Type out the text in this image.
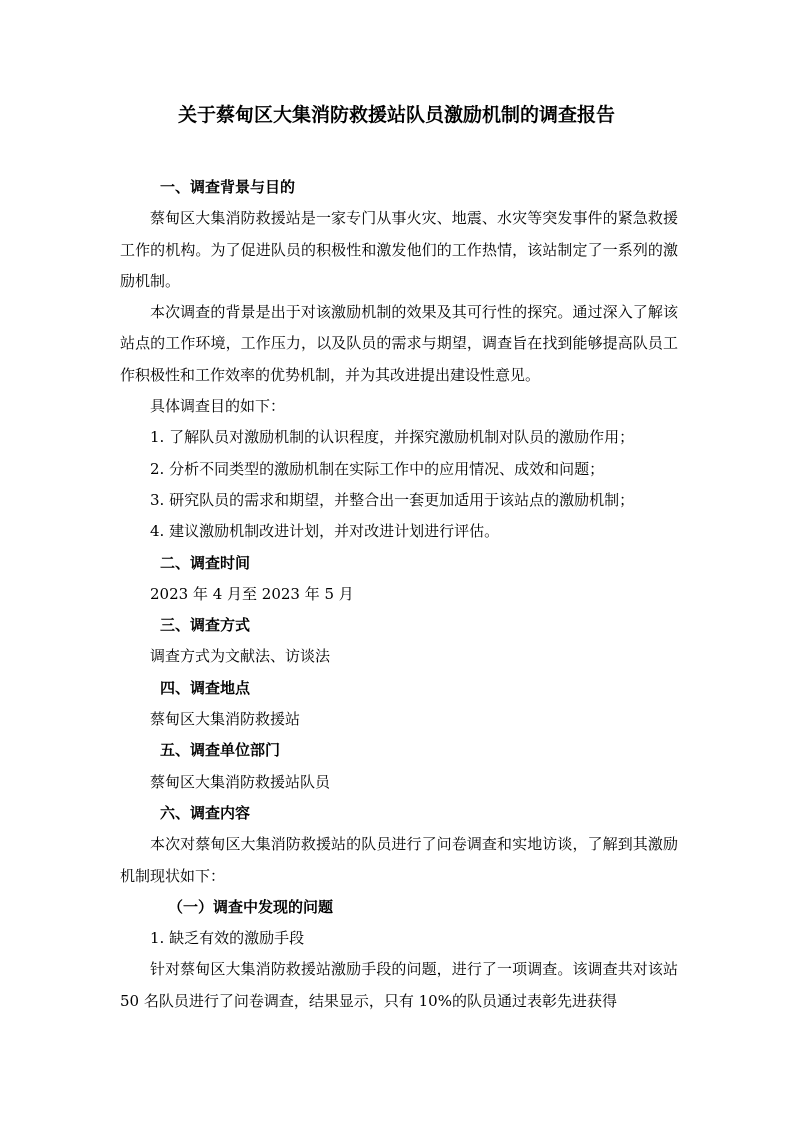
关于蔡甸区大集消防救援站队员激励机制的调查报告
一、调查背景与目的

蔡甸区大集消防救援站是一家专门从事火灾、地震、水灾等突发事件的紧急救援工作的机构。为了促进队员的积极性和激发他们的工作热情，该站制定了一系列的激励机制。

本次调查的背景是出于对该激励机制的效果及其可行性的探究。通过深入了解该站点的工作环境，工作压力，以及队员的需求与期望，调查旨在找到能够提高队员工作积极性和工作效率的优势机制，并为其改进提出建设性意见。

具体调查目的如下：

1. 了解队员对激励机制的认识程度，并探究激励机制对队员的激励作用；

2. 分析不同类型的激励机制在实际工作中的应用情况、成效和问题；

3. 研究队员的需求和期望，并整合出一套更加适用于该站点的激励机制；

4. 建议激励机制改进计划，并对改进计划进行评估。

二、调查时间

2023 年 4 月至 2023 年 5 月

三、调查方式

调查方式为文献法、访谈法

四、调查地点

蔡甸区大集消防救援站

五、调查单位部门

蔡甸区大集消防救援站队员

六、调查内容

本次对蔡甸区大集消防救援站的队员进行了问卷调查和实地访谈，了解到其激励机制现状如下：

（一）调查中发现的问题

1. 缺乏有效的激励手段

针对蔡甸区大集消防救援站激励手段的问题，进行了一项调查。该调查共对该站 50 名队员进行了问卷调查，结果显示，只有 10%的队员通过表彰先进获得
